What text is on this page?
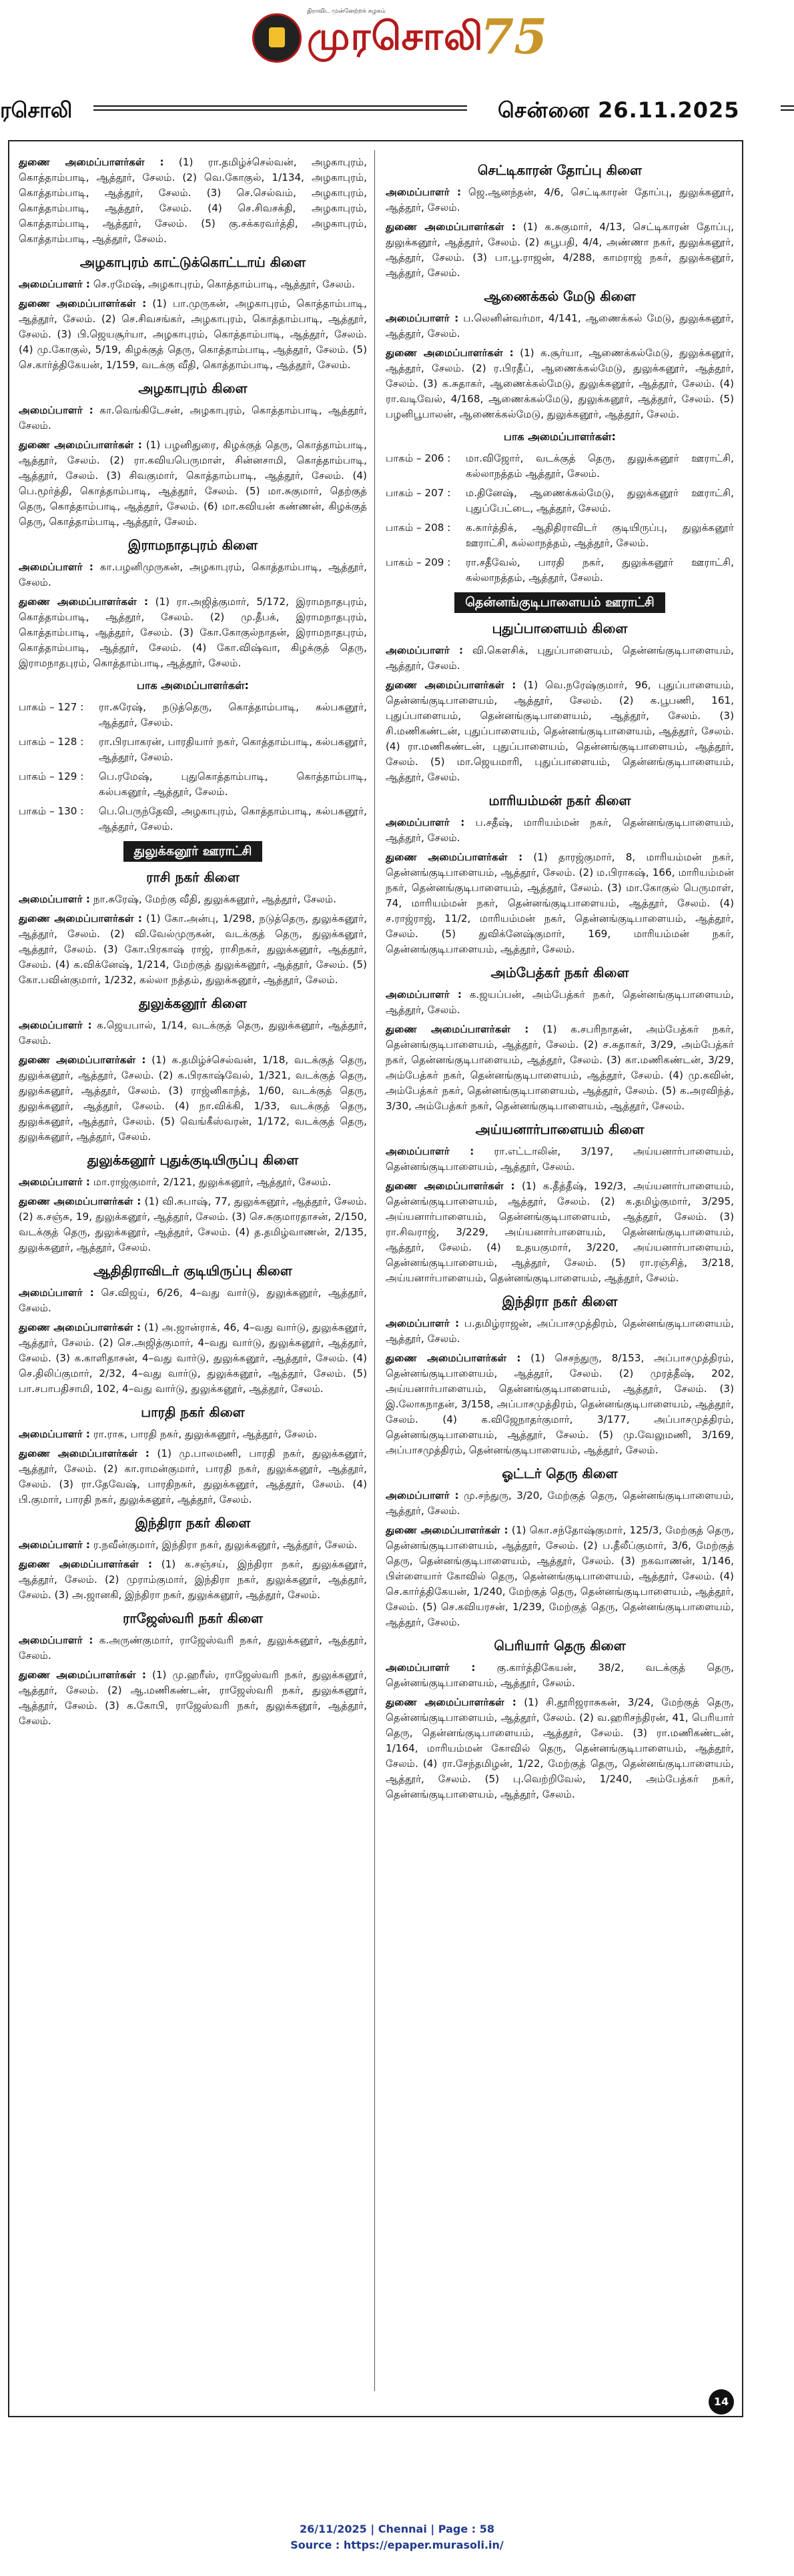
திராவிட முன்னேற்றக் கழகம்
முரசொலி
75
ரசொலி	சென்னை 26.11.2025

துணை அமைப்பாளர்கள் : (1) ரா.தமிழ்ச்செல்வன், அழகாபுரம், கொத்தாம்பாடி, ஆத்தூர், சேலம். (2) வெ.கோகுல், 1/134, அழகாபுரம், கொத்தாம்பாடி, ஆத்தூர், சேலம். (3) செ.செல்வம், அழகாபுரம், கொத்தாம்பாடி, ஆத்தூர், சேலம். (4) செ.சிவசக்தி, அழகாபுரம், கொத்தாம்பாடி, ஆத்தூர், சேலம். (5) கு.சக்கரவர்த்தி, அழகாபுரம், கொத்தாம்பாடி, ஆத்தூர், சேலம்.

அழகாபுரம் காட்டுக்கொட்டாய் கிளை

அமைப்பாளர் : செ.ரமேஷ், அழகாபுரம், கொத்தாம்பாடி, ஆத்தூர், சேலம்.

துணை அமைப்பாளர்கள் : (1) பா.முருகன், அழகாபுரம், கொத்தாம்பாடி, ஆத்தூர், சேலம். (2) செ.சிவசங்கர், அழகாபுரம், கொத்தாம்பாடி, ஆத்தூர், சேலம். (3) பி.ஜெயசூர்யா, அழகாபுரம், கொத்தாம்பாடி, ஆத்தூர், சேலம். (4) மு.கோகுல், 5/19, கிழக்குத் தெரு, கொத்தாம்பாடி, ஆத்தூர், சேலம். (5) செ.கார்த்திகேயன், 1/159, வடக்கு வீதி, கொத்தாம்பாடி, ஆத்தூர், சேலம்.

அழகாபுரம் கிளை

அமைப்பாளர் : கா.வெங்கிடேசன், அழகாபுரம், கொத்தாம்பாடி, ஆத்தூர், சேலம்.

துணை அமைப்பாளர்கள் : (1) பழனிதுரை, கிழக்குத் தெரு, கொத்தாம்பாடி, ஆத்தூர், சேலம். (2) ரா.கவியபெருமாள், சின்னசாமி, கொத்தாம்பாடி, ஆத்தூர், சேலம். (3) சிவகுமார், கொத்தாம்பாடி, ஆத்தூர், சேலம். (4) பெ.மூர்த்தி, கொத்தாம்பாடி, ஆத்தூர், சேலம். (5) மா.சுகுமார், தெற்குத் தெரு, கொத்தாம்பாடி, ஆத்தூர், சேலம். (6) மா.கவியன் கண்ணன், கிழக்குத் தெரு, கொத்தாம்பாடி, ஆத்தூர், சேலம்.

இராமநாதபுரம் கிளை

அமைப்பாளர் : கா.பழனிமுருகன், அழகாபுரம், கொத்தாம்பாடி, ஆத்தூர், சேலம்.

துணை அமைப்பாளர்கள் : (1) ரா.அஜித்குமார், 5/172, இராமநாதபுரம், கொத்தாம்பாடி, ஆத்தூர், சேலம். (2) மு.தீபக், இராமநாதபுரம், கொத்தாம்பாடி, ஆத்தூர், சேலம். (3) கோ.கோகுல்நாதன், இராமநாதபுரம், கொத்தாம்பாடி, ஆத்தூர், சேலம். (4) கோ.விஷ்வா, கிழக்குத் தெரு, இராமநாதபுரம், கொத்தாம்பாடி, ஆத்தூர், சேலம்.

பாக அமைப்பாளர்கள்:
பாகம் – 127 :	ரா.சுரேஷ், நடுத்தெரு, கொத்தாம்பாடி, கல்பகனூர், ஆத்தூர், சேலம்.
பாகம் – 128 :	ரா.பிரபாகரன், பாரதியார் நகர், கொத்தாம்பாடி, கல்பகனூர், ஆத்தூர், சேலம்.
பாகம் – 129 :	பெ.ரமேஷ், புதுகொத்தாம்பாடி, கொத்தாம்பாடி, கல்பகனூர், ஆத்தூர், சேலம்.
பாகம் – 130 :	பெ.பெருந்தேவி, அழகாபுரம், கொத்தாம்பாடி, கல்பகனூர், ஆத்தூர், சேலம்.
துலுக்கனூர் ஊராட்சி
ராசி நகர் கிளை

அமைப்பாளர் : நா.சுரேஷ், மேற்கு வீதி, துலுக்கனூர், ஆத்தூர், சேலம்.

துணை அமைப்பாளர்கள் : (1) கோ.அன்பு, 1/298, நடுத்தெரு, துலுக்கனூர், ஆத்தூர், சேலம். (2) வி.வேல்முருகன், வடக்குத் தெரு, துலுக்கனூர், ஆத்தூர், சேலம். (3) கோ.பிரகாஷ் ராஜ், ராசிநகர், துலுக்கனூர், ஆத்தூர், சேலம். (4) க.விக்னேஷ், 1/214, மேற்குத் துலுக்கனூர், ஆத்தூர், சேலம். (5) கோ.பவின்குமார், 1/232, கல்லா நத்தம், துலுக்கனூர், ஆத்தூர், சேலம்.

துலுக்கனூர் கிளை

அமைப்பாளர் : க.ஜெயபால், 1/14, வடக்குத் தெரு, துலுக்கனூர், ஆத்தூர், சேலம்.

துணை அமைப்பாளர்கள் : (1) க.தமிழ்ச்செல்வன், 1/18, வடக்குத் தெரு, துலுக்கனூர், ஆத்தூர், சேலம். (2) க.பிரகாஷ்வேல், 1/321, வடக்குத் தெரு, துலுக்கனூர், ஆத்தூர், சேலம். (3) ராஜ்னிகாந்த், 1/60, வடக்குத் தெரு, துலுக்கனூர், ஆத்தூர், சேலம். (4) நா.விக்கி, 1/33, வடக்குத் தெரு, துலுக்கனூர், ஆத்தூர், சேலம். (5) வெங்கீஸ்வரன், 1/172, வடக்குத் தெரு, துலுக்கனூர், ஆத்தூர், சேலம்.

துலுக்கனூர் புதுக்குடியிருப்பு கிளை

அமைப்பாளர் : மா.ராஜ்குமார், 2/121, துலுக்கனூர், ஆத்தூர், சேலம்.

துணை அமைப்பாளர்கள் : (1) வி.சுபாஷ், 77, துலுக்கனூர், ஆத்தூர், சேலம். (2) க.சஞ்சு, 19, துலுக்கனூர், ஆத்தூர், சேலம். (3) செ.சுகுமாரதாசன், 2/150, வடக்குத் தெரு, துலுக்கனூர், ஆத்தூர், சேலம். (4) த.தமிழ்வாணன், 2/135, துலுக்கனூர், ஆத்தூர், சேலம்.

ஆதிதிராவிடர் குடியிருப்பு கிளை

அமைப்பாளர் : செ.விஜய், 6/26, 4–வது வார்டு, துலுக்கனூர், ஆத்தூர், சேலம்.

துணை அமைப்பாளர்கள் : (1) அ.ஜான்ராக், 46, 4–வது வார்டு, துலுக்கனூர், ஆத்தூர், சேலம். (2) செ.அஜித்குமார், 4–வது வார்டு, துலுக்கனூர், ஆத்தூர், சேலம். (3) க.காளிதாசன், 4–வது வார்டு, துலுக்கனூர், ஆத்தூர், சேலம். (4) செ.திலிப்குமார், 2/32, 4–வது வார்டு, துலுக்கனூர், ஆத்தூர், சேலம். (5) பா.சபாபதிசாமி, 102, 4–வது வார்டு, துலுக்கனூர், ஆத்தூர், சேலம்.

பாரதி நகர் கிளை

அமைப்பாளர் : ரா.ராக, பாரதி நகர், துலுக்கனூர், ஆத்தூர், சேலம்.

துணை அமைப்பாளர்கள் : (1) மு.பாலமணி, பாரதி நகர், துலுக்கனூர், ஆத்தூர், சேலம். (2) கா.ராமன்குமார், பாரதி நகர், துலுக்கனூர், ஆத்தூர், சேலம். (3) ரா.தேவேஷ், பாரதிநகர், துலுக்கனூர், ஆத்தூர், சேலம். (4) பி.குமார், பாரதி நகர், துலுக்கனூர், ஆத்தூர், சேலம்.

இந்திரா நகர் கிளை

அமைப்பாளர் : ர.நவீன்குமார், இந்திரா நகர், துலுக்கனூர், ஆத்தூர், சேலம்.

துணை அமைப்பாளர்கள் : (1) க.சஞ்சய், இந்திரா நகர், துலுக்கனூர், ஆத்தூர், சேலம். (2) முராம்குமார், இந்திரா நகர், துலுக்கனூர், ஆத்தூர், சேலம். (3) அ.ஜானகி, இந்திரா நகர், துலுக்கனூர், ஆத்தூர், சேலம்.

ராஜேஸ்வரி நகர் கிளை

அமைப்பாளர் : க.அருண்குமார், ராஜேஸ்வரி நகர், துலுக்கனூர், ஆத்தூர், சேலம்.

துணை அமைப்பாளர்கள் : (1) மு.ஹரீஸ், ராஜேஸ்வரி நகர், துலுக்கனூர், ஆத்தூர், சேலம். (2) ஆ.மணிகண்டன், ராஜேஸ்வரி நகர், துலுக்கனூர், ஆத்தூர், சேலம். (3) க.கோபி, ராஜேஸ்வரி நகர், துலுக்கனூர், ஆத்தூர், சேலம்.

செட்டிகாரன் தோப்பு கிளை

அமைப்பாளர் : ஜெ.ஆனந்தன், 4/6, செட்டிகாரன் தோப்பு, துலுக்கனூர், ஆத்தூர், சேலம்.

துணை அமைப்பாளர்கள் : (1) க.சுகுமார், 4/13, செட்டிகாரன் தோப்பு, துலுக்கனூர், ஆத்தூர், சேலம். (2) சுபூபதி, 4/4, அண்ணா நகர், துலுக்கனூர், ஆத்தூர், சேலம். (3) பா.பூ.ராஜன், 4/288, காமராஜ் நகர், துலுக்கனூர், ஆத்தூர், சேலம்.

ஆணைக்கல் மேடு கிளை

அமைப்பாளர் : ப.லெனின்வர்மா, 4/141, ஆணைக்கல் மேடு, துலுக்கனூர், ஆத்தூர், சேலம்.

துணை அமைப்பாளர்கள் : (1) க.சூர்யா, ஆணைக்கல்மேடு, துலுக்கனூர், ஆத்தூர், சேலம். (2) ர.பிரதீப், ஆணைக்கல்மேடு, துலுக்கனூர், ஆத்தூர், சேலம். (3) க.சுதாகர், ஆணைக்கல்மேடு, துலுக்கனூர், ஆத்தூர், சேலம். (4) ரா.வடிவேல், 4/168, ஆணைக்கல்மேடு, துலுக்கனூர், ஆத்தூர், சேலம். (5) பழனிபூபாலன், ஆணைக்கல்மேடு, துலுக்கனூர், ஆத்தூர், சேலம்.

பாக அமைப்பாளர்கள்:
பாகம் – 206 :	மா.விஜோர், வடக்குத் தெரு, துலுக்கனூர் ஊராட்சி, கல்லாநத்தம் ஆத்தூர், சேலம்.
பாகம் – 207 :	ம.தினேஷ், ஆணைக்கல்மேடு, துலுக்கனூர் ஊராட்சி, புதுப்பேட்டை, ஆத்தூர், சேலம்.
பாகம் – 208 :	க.கார்த்திக், ஆதிதிராவிடர் குடியிருப்பு, துலுக்கனூர் ஊராட்சி, கல்லாநத்தம், ஆத்தூர், சேலம்.
பாகம் – 209 :	ரா.சதீவேல், பாரதி நகர், துலுக்கனூர் ஊராட்சி, கல்லாநத்தம், ஆத்தூர், சேலம்.
தென்னங்குடிபாளையம் ஊராட்சி
புதுப்பாளையம் கிளை

அமைப்பாளர் : வி.கௌசிக், புதுப்பாளையம், தென்னங்குடிபாளையம், ஆத்தூர், சேலம்.

துணை அமைப்பாளர்கள் : (1) வெ.நரேஷ்குமார், 96, புதுப்பாளையம், தென்னங்குடிபாளையம், ஆத்தூர், சேலம். (2) க.பூபணி, 161, புதுப்பாளையம், தென்னங்குடிபாளையம், ஆத்தூர், சேலம். (3) சி.மணிகண்டன், புதுப்பாளையம், தென்னங்குடிபாளையம், ஆத்தூர், சேலம். (4) ரா.மணிகண்டன், புதுப்பாளையம், தென்னங்குடிபாளையம், ஆத்தூர், சேலம். (5) மா.ஜெயமாரி, புதுப்பாளையம், தென்னங்குடிபாளையம், ஆத்தூர், சேலம்.

மாரியம்மன் நகர் கிளை

அமைப்பாளர் : ப.சதீஷ், மாரியம்மன் நகர், தென்னங்குடிபாளையம், ஆத்தூர், சேலம்.

துணை அமைப்பாளர்கள் : (1) தாரஜ்குமார், 8, மாரியம்மன் நகர், தென்னங்குடிபாளையம், ஆத்தூர், சேலம். (2) ம.பிராகஷ், 166, மாரியம்மன் நகர், தென்னங்குடிபாளையம், ஆத்தூர், சேலம். (3) மா.கோகுல் பெருமாள், 74, மாரியம்மன் நகர், தென்னங்குடிபாளையம், ஆத்தூர், சேலம். (4) ச.ராஜ்ராஜ், 11/2, மாரியம்மன் நகர், தென்னங்குடிபாளையம், ஆத்தூர், சேலம். (5) துவிக்னேஷ்குமார், 169, மாரியம்மன் நகர், தென்னங்குடிபாளையம், ஆத்தூர், சேலம்.

அம்பேத்கர் நகர் கிளை

அமைப்பாளர் : க.ஜயப்பன், அம்பேத்கர் நகர், தென்னங்குடிபாளையம், ஆத்தூர், சேலம்.

துணை அமைப்பாளர்கள் : (1) க.சபரிநாதன், அம்பேத்கர் நகர், தென்னங்குடிபாளையம், ஆத்தூர், சேலம். (2) ச.சுதாகர், 3/29, அம்பேத்கர் நகர், தென்னங்குடிபாளையம், ஆத்தூர், சேலம். (3) கா.மணிகண்டன், 3/29, அம்பேத்கர் நகர், தென்னங்குடிபாளையம், ஆத்தூர், சேலம். (4) மு.கவின், அம்பேத்கர் நகர், தென்னங்குடிபாளையம், ஆத்தூர், சேலம். (5) க.அரவிந்த், 3/30, அம்பேத்கர் நகர், தென்னங்குடிபாளையம், ஆத்தூர், சேலம்.

அய்யனார்பாளையம் கிளை

அமைப்பாளர் : ரா.எட்டாலின், 3/197, அய்யனார்பாளையம், தென்னங்குடிபாளையம், ஆத்தூர், சேலம்.

துணை அமைப்பாளர்கள் : (1) க.தீத்தீஷ், 192/3, அய்யனார்பாளையம், தென்னங்குடிபாளையம், ஆத்தூர், சேலம். (2) க.தமிழ்குமார், 3/295, அய்யனார்பாளையம், தென்னங்குடிபாளையம், ஆத்தூர், சேலம். (3) ரா.சிவராஜ், 3/229, அய்யனார்பாளையம், தென்னங்குடிபாளையம், ஆத்தூர், சேலம். (4) உதயகுமார், 3/220, அய்யனார்பாளையம், தென்னங்குடிபாளையம், ஆத்தூர், சேலம். (5) ரா.ரஞ்சித், 3/218, அய்யனார்பாளையம், தென்னங்குடிபாளையம், ஆத்தூர், சேலம்.

இந்திரா நகர் கிளை

அமைப்பாளர் : ப.தமிழ்ராஜன், அப்பாசமுத்திரம், தென்னங்குடிபாளையம், ஆத்தூர், சேலம்.

துணை அமைப்பாளர்கள் : (1) செசந்துரு, 8/153, அப்பாசமுத்திரம், தென்னங்குடிபாளையம், ஆத்தூர், சேலம். (2) முரத்தீஷ், 202, அய்யனார்பாளையம், தென்னங்குடிபாளையம், ஆத்தூர், சேலம். (3) இ.லோகநாதன், 3/158, அப்பாசமுத்திரம், தென்னங்குடிபாளையம், ஆத்தூர், சேலம். (4) க.விஜேநாதர்குமார், 3/177, அப்பாசமுத்திரம், தென்னங்குடிபாளையம், ஆத்தூர், சேலம். (5) மு.வேலுமணி, 3/169, அப்பாசமுத்திரம், தென்னங்குடிபாளையம், ஆத்தூர், சேலம்.

ஓட்டர் தெரு கிளை

அமைப்பாளர் : மு.சந்துரு, 3/20, மேற்குத் தெரு, தென்னங்குடிபாளையம், ஆத்தூர், சேலம்.

துணை அமைப்பாளர்கள் : (1) கொ.சந்தோஷ்குமார், 125/3, மேற்குத் தெரு, தென்னங்குடிபாளையம், ஆத்தூர், சேலம். (2) ப.தீலீப்குமார், 3/6, மேற்குத் தெரு, தென்னங்குடிபாளையம், ஆத்தூர், சேலம். (3) நகவாணன், 1/146, பிள்ளையார் கோவில் தெரு, தென்னங்குடிபாளையம், ஆத்தூர், சேலம். (4) செ.கார்த்திகேயன், 1/240, மேற்குத் தெரு, தென்னங்குடிபாளையம், ஆத்தூர், சேலம். (5) செ.கவியரசன், 1/239, மேற்குத் தெரு, தென்னங்குடிபாளையம், ஆத்தூர், சேலம்.

பெரியார் தெரு கிளை

அமைப்பாளர் : கு.கார்த்திகேயன், 38/2, வடக்குத் தெரு, தென்னங்குடிபாளையம், ஆத்தூர், சேலம்.

துணை அமைப்பாளர்கள் : (1) சி.தூரிஜராசுகன், 3/24, மேற்குத் தெரு, தென்னங்குடிபாளையம், ஆத்தூர், சேலம். (2) வ.ஹரிசந்திரன், 41, பெரியார் தெரு, தென்னங்குடிபாளையம், ஆத்தூர், சேலம். (3) ரா.மணிகண்டன், 1/164, மாரியம்மன் கோவில் தெரு, தென்னங்குடிபாளையம், ஆத்தூர், சேலம். (4) ரா.சேந்தமிழன், 1/22, மேற்குத் தெரு, தென்னங்குடிபாளையம், ஆத்தூர், சேலம். (5) பு.வெற்றிவேல், 1/240, அம்பேத்கர் நகர், தென்னங்குடிபாளையம், ஆத்தூர், சேலம்.

14
26/11/2025 | Chennai | Page : 58
Source : https://epaper.murasoli.in/
